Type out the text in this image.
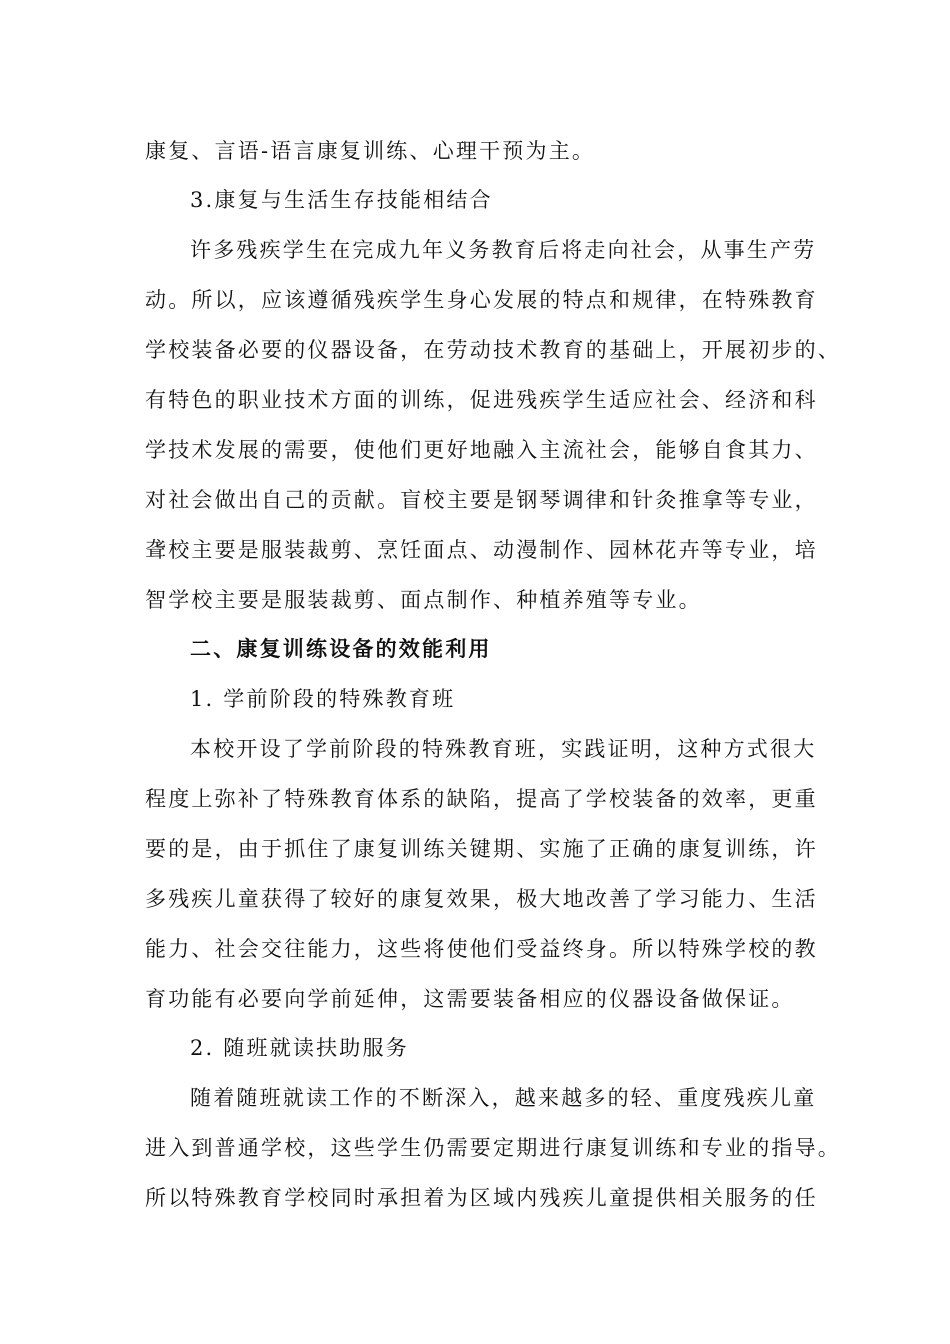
康复、言语-语言康复训练、心理干预为主。
3.康复与生活生存技能相结合
许多残疾学生在完成九年义务教育后将走向社会，从事生产劳
动。所以，应该遵循残疾学生身心发展的特点和规律，在特殊教育
学校装备必要的仪器设备，在劳动技术教育的基础上，开展初步的、
有特色的职业技术方面的训练，促进残疾学生适应社会、经济和科
学技术发展的需要，使他们更好地融入主流社会，能够自食其力、
对社会做出自己的贡献。盲校主要是钢琴调律和针灸推拿等专业，
聋校主要是服装裁剪、烹饪面点、动漫制作、园林花卉等专业，培
智学校主要是服装裁剪、面点制作、种植养殖等专业。
二、康复训练设备的效能利用
1. 学前阶段的特殊教育班
本校开设了学前阶段的特殊教育班，实践证明，这种方式很大
程度上弥补了特殊教育体系的缺陷，提高了学校装备的效率，更重
要的是，由于抓住了康复训练关键期、实施了正确的康复训练，许
多残疾儿童获得了较好的康复效果，极大地改善了学习能力、生活
能力、社会交往能力，这些将使他们受益终身。所以特殊学校的教
育功能有必要向学前延伸，这需要装备相应的仪器设备做保证。
2. 随班就读扶助服务
随着随班就读工作的不断深入，越来越多的轻、重度残疾儿童
进入到普通学校，这些学生仍需要定期进行康复训练和专业的指导。
所以特殊教育学校同时承担着为区域内残疾儿童提供相关服务的任
